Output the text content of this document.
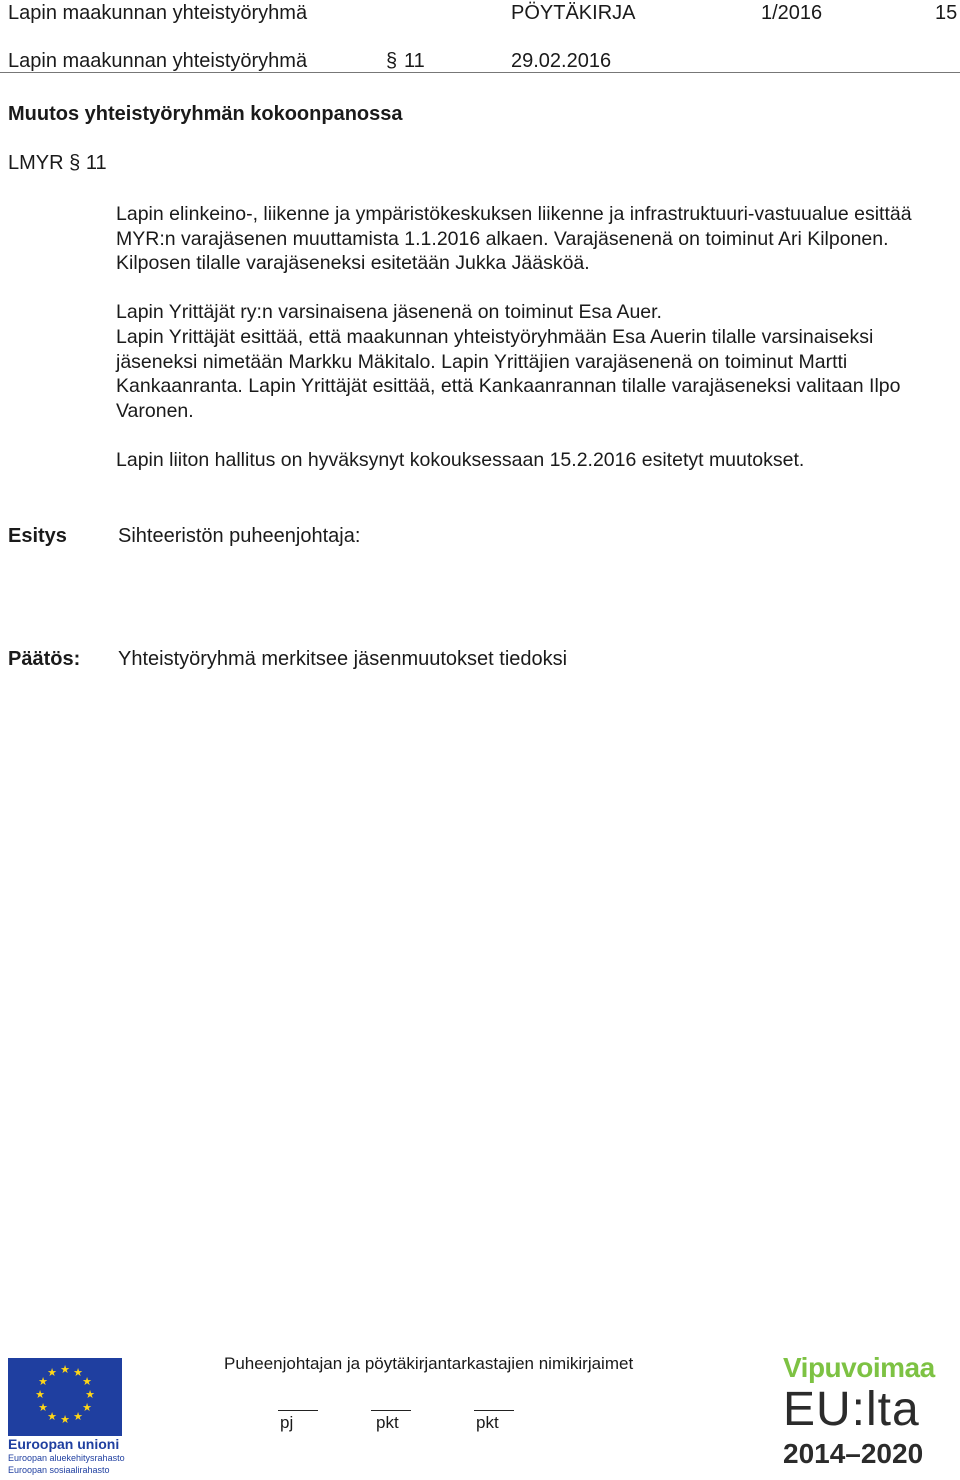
Lapin maakunnan yhteistyöryhmä	PÖYTÄKIRJA	1/2016	15
Lapin maakunnan yhteistyöryhmä	§ 11	29.02.2016
Muutos yhteistyöryhmän kokoonpanossa
LMYR § 11

Lapin elinkeino-, liikenne ja ympäristökeskuksen liikenne ja infrastruktuuri-vastuualue esittää MYR:n varajäsenen muuttamista 1.1.2016 alkaen. Varajäsenenä on toiminut Ari Kilponen. Kilposen tilalle varajäseneksi esitetään Jukka Jääsköä.

Lapin Yrittäjät ry:n varsinaisena jäsenenä on toiminut Esa Auer.

Lapin Yrittäjät esittää, että maakunnan yhteistyöryhmään Esa Auerin tilalle varsinaiseksi jäseneksi nimetään Markku Mäkitalo. Lapin Yrittäjien varajäsenenä on toiminut Martti Kankaanranta. Lapin Yrittäjät esittää, että Kankaanrannan tilalle varajäseneksi valitaan Ilpo Varonen.

Lapin liiton hallitus on hyväksynyt kokouksessaan 15.2.2016 esitetyt muutokset.

Esitys	Sihteeristön puheenjohtaja:
Päätös: Yhteistyöryhmä merkitsee jäsenmuutokset tiedoksi
★ ★
★
★
★
★
★
★
★
★
★
★
Euroopan unioni
Euroopan aluekehitysrahasto
Euroopan sosiaalirahasto
Puheenjohtajan ja pöytäkirjantarkastajien nimikirjaimet
pj	pkt	pkt
Vipuvoimaa
EU:lta
2014–2020
